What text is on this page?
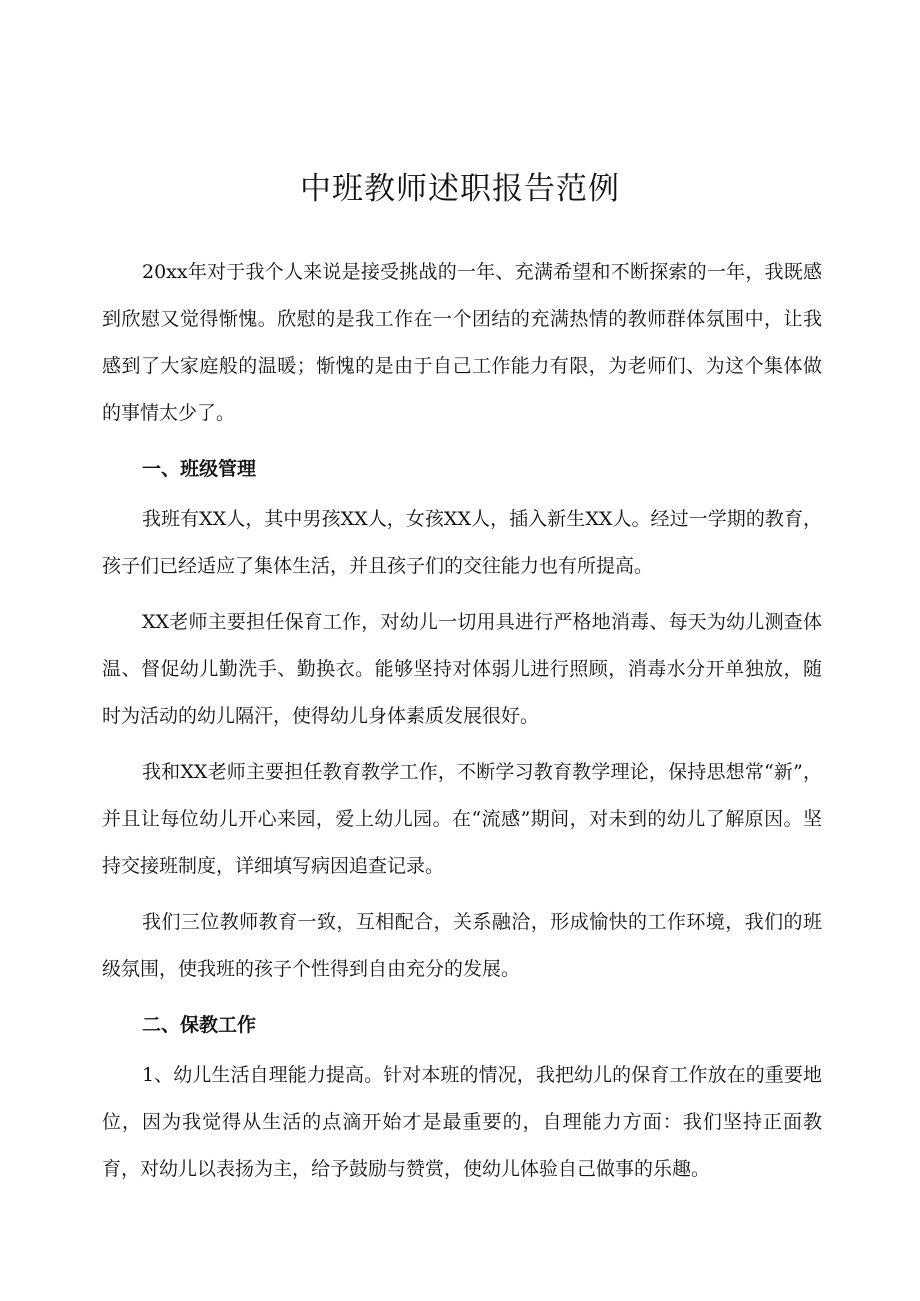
中班教师述职报告范例

20xx年对于我个人来说是接受挑战的一年、充满希望和不断探索的一年，我既感到欣慰又觉得惭愧。欣慰的是我工作在一个团结的充满热情的教师群体氛围中，让我感到了大家庭般的温暖；惭愧的是由于自己工作能力有限，为老师们、为这个集体做的事情太少了。

一、班级管理

我班有XX人，其中男孩XX人，女孩XX人，插入新生XX人。经过一学期的教育，孩子们已经适应了集体生活，并且孩子们的交往能力也有所提高。

XX老师主要担任保育工作，对幼儿一切用具进行严格地消毒、每天为幼儿测查体温、督促幼儿勤洗手、勤换衣。能够坚持对体弱儿进行照顾，消毒水分开单独放，随时为活动的幼儿隔汗，使得幼儿身体素质发展很好。

我和XX老师主要担任教育教学工作，不断学习教育教学理论，保持思想常“新”，并且让每位幼儿开心来园，爱上幼儿园。在“流感”期间，对未到的幼儿了解原因。坚持交接班制度，详细填写病因追查记录。

我们三位教师教育一致，互相配合，关系融洽，形成愉快的工作环境，我们的班级氛围，使我班的孩子个性得到自由充分的发展。

二、保教工作

1、幼儿生活自理能力提高。针对本班的情况，我把幼儿的保育工作放在的重要地位，因为我觉得从生活的点滴开始才是最重要的，自理能力方面：我们坚持正面教育，对幼儿以表扬为主，给予鼓励与赞赏，使幼儿体验自己做事的乐趣。
